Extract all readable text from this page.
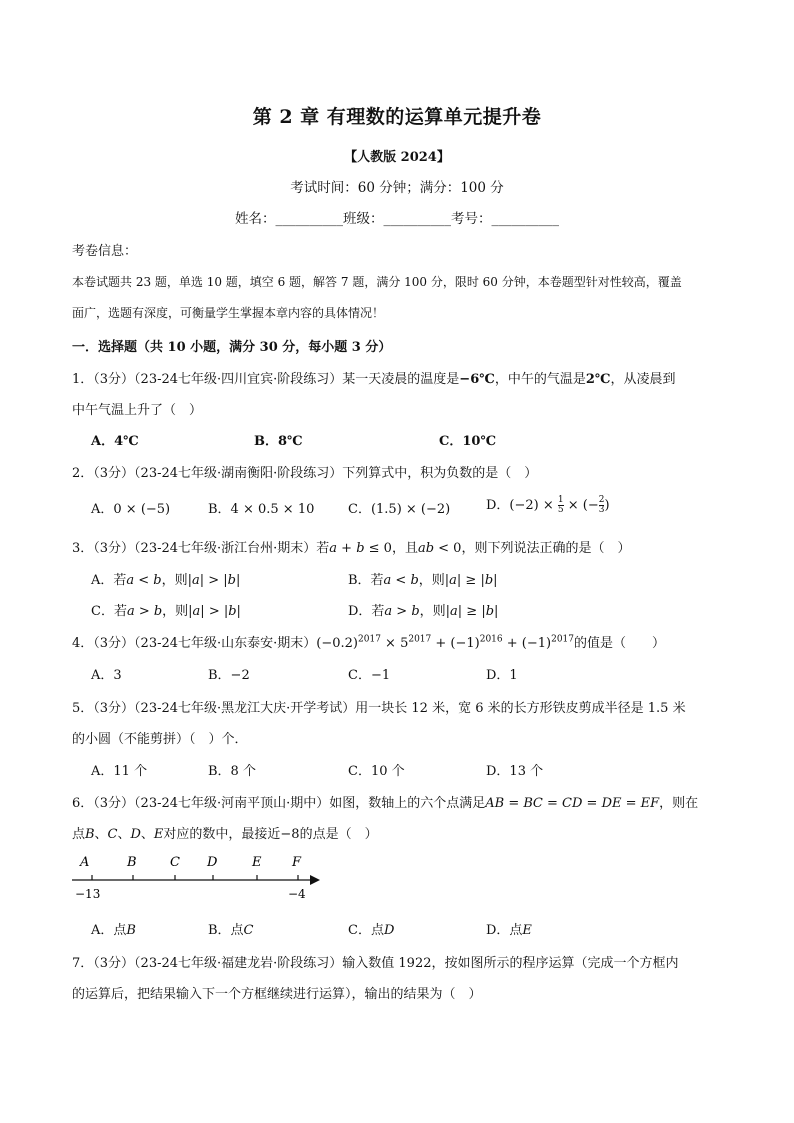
第 2 章 有理数的运算单元提升卷
【人教版 2024】
考试时间：60 分钟；满分：100 分
姓名：__________班级：__________考号：__________
考卷信息：
本卷试题共 23 题，单选 10 题，填空 6 题，解答 7 题，满分 100 分，限时 60 分钟，本卷题型针对性较高，覆盖
面广，选题有深度，可衡量学生掌握本章内容的具体情况！
一．选择题（共 10 小题，满分 30 分，每小题 3 分）
1．（3分）（23-24七年级·四川宜宾·阶段练习）某一天凌晨的温度是−6℃，中午的气温是2℃，从凌晨到
中午气温上升了（　）
A．4℃	B．8℃	C．10℃
2．（3分）（23-24七年级·湖南衡阳·阶段练习）下列算式中，积为负数的是（　）
A．0 × (−5)	B．4 × 0.5 × 10	C．(1.5) × (−2)	D．$(-2) \times \frac{1}{5}$ × (− $\frac{2}{3}$ )
3．（3分）（23-24七年级·浙江台州·期末）若𝑎 + 𝑏 ≤ 0，且𝑎𝑏 < 0，则下列说法正确的是（　）
A．若𝑎 < 𝑏，则|𝑎| > |𝑏|	B．若𝑎 < 𝑏，则|𝑎| ≥ |𝑏|
C．若𝑎 > 𝑏，则|𝑎| > |𝑏|	D．若𝑎 > 𝑏，则|𝑎| ≥ |𝑏|
4．（3分）（23-24七年级·山东泰安·期末）$(-0.2)^{2017} \times 5^{2017} + (-1)^{2016} + (-1)^{2017}$的值是（　　）
A．3	B．−2	C．−1	D．1
5．（3分）（23-24七年级·黑龙江大庆·开学考试）用一块长 12 米，宽 6 米的长方形铁皮剪成半径是 1.5 米
的小圆（不能剪拼）（　）个．
A．11 个	B．8 个	C．10 个	D．13 个
6．（3分）（23-24七年级·河南平顶山·期中）如图，数轴上的六个点满足𝐴𝐵 = 𝐵𝐶 = 𝐶𝐷 = 𝐷𝐸 = 𝐸𝐹，则在
点𝐵、𝐶、𝐷、𝐸对应的数中，最接近−8的点是（　）
A	B	C D	E F
−13	−4
A．点𝐵	B．点𝐶	C．点𝐷	D．点𝐸
7．（3分）（23-24七年级·福建龙岩·阶段练习）输入数值 1922，按如图所示的程序运算（完成一个方框内
的运算后，把结果输入下一个方框继续进行运算），输出的结果为（　）
